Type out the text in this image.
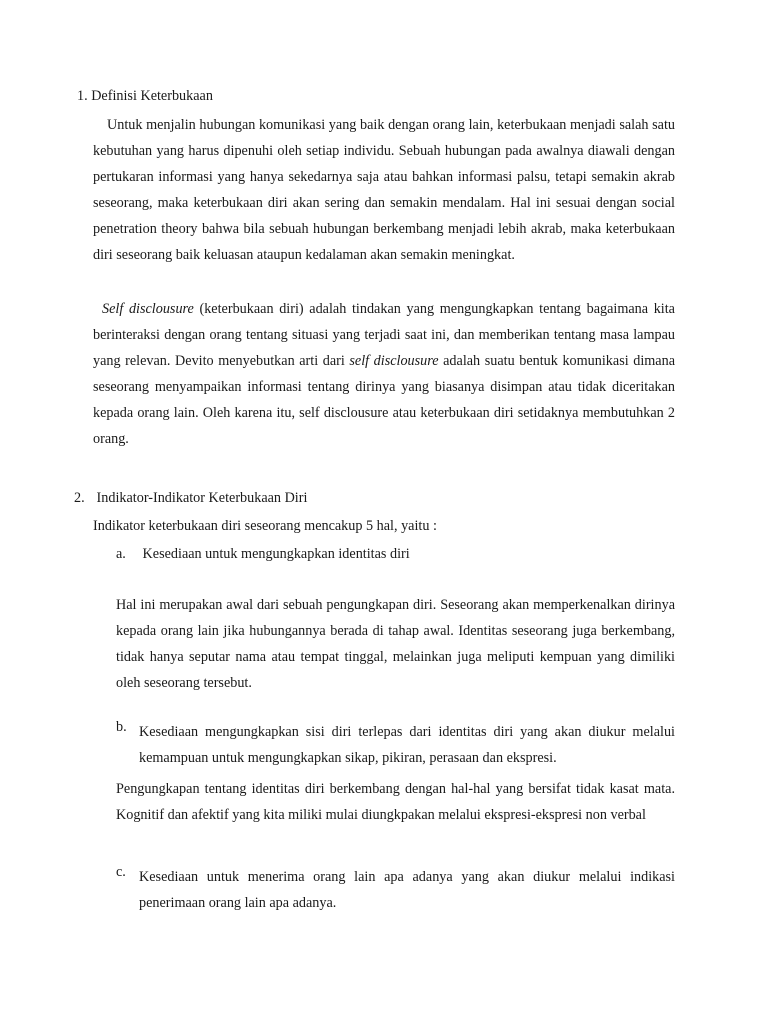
1. Definisi Keterbukaan

Untuk menjalin hubungan komunikasi yang baik dengan orang lain, keterbukaan menjadi salah satu kebutuhan yang harus dipenuhi oleh setiap individu. Sebuah hubungan pada awalnya diawali dengan pertukaran informasi yang hanya sekedarnya saja atau bahkan informasi palsu, tetapi semakin akrab seseorang, maka keterbukaan diri akan sering dan semakin mendalam. Hal ini sesuai dengan social penetration theory bahwa bila sebuah hubungan berkembang menjadi lebih akrab, maka keterbukaan diri seseorang baik keluasan ataupun kedalaman akan semakin meningkat.

Self disclousure (keterbukaan diri) adalah tindakan yang mengungkapkan tentang bagaimana kita berinteraksi dengan orang tentang situasi yang terjadi saat ini, dan memberikan tentang masa lampau yang relevan. Devito menyebutkan arti dari self disclousure adalah suatu bentuk komunikasi dimana seseorang menyampaikan informasi tentang dirinya yang biasanya disimpan atau tidak diceritakan kepada orang lain. Oleh karena itu, self disclousure atau keterbukaan diri setidaknya membutuhkan 2 orang.

2. Indikator-Indikator Keterbukaan Diri
Indikator keterbukaan diri seseorang mencakup 5 hal, yaitu :
a. Kesediaan untuk mengungkapkan identitas diri

Hal ini merupakan awal dari sebuah pengungkapan diri. Seseorang akan memperkenalkan dirinya kepada orang lain jika hubungannya berada di tahap awal. Identitas seseorang juga berkembang, tidak hanya seputar nama atau tempat tinggal, melainkan juga meliputi kempuan yang dimiliki oleh seseorang tersebut.

b. Kesediaan mengungkapkan sisi diri terlepas dari identitas diri yang akan diukur melalui kemampuan untuk mengungkapkan sikap, pikiran, perasaan dan ekspresi.

Pengungkapan tentang identitas diri berkembang dengan hal-hal yang bersifat tidak kasat mata. Kognitif dan afektif yang kita miliki mulai diungkpakan melalui ekspresi-ekspresi non verbal

c. Kesediaan untuk menerima orang lain apa adanya yang akan diukur melalui indikasi penerimaan orang lain apa adanya.
